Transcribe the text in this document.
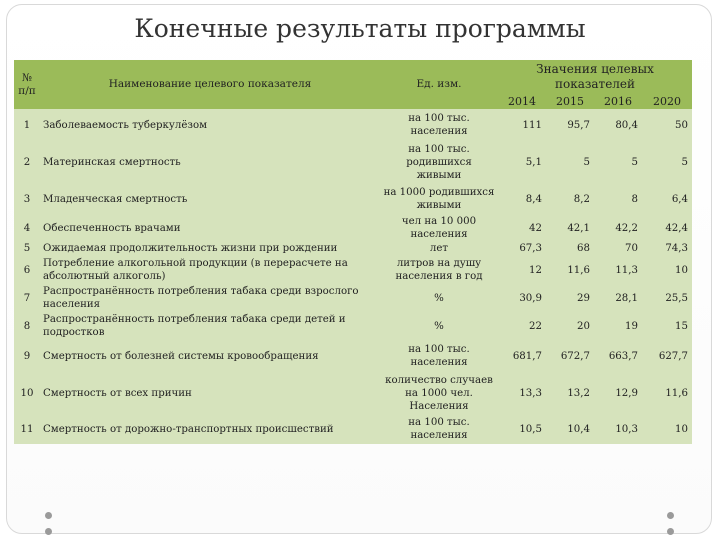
Конечные результаты программы
№ п/п	Наименование целевого показателя	Ед. изм.	Значения целевых показателей			
			2014	2015	2016	2020
1	Заболеваемость туберкулёзом	на 100 тыс. населения	111	95,7	80,4	50
2	Материнская смертность	на 100 тыс. родившихся живыми	5,1	5	5	5
3	Младенческая смертность	на 1000 родившихся живыми	8,4	8,2	8	6,4
4	Обеспеченность врачами	чел на 10 000 населения	42	42,1	42,2	42,4
5	Ожидаемая продолжительность жизни при рождении	лет	67,3	68	70	74,3
6	Потребление алкогольной продукции (в перерасчете на абсолютный алкоголь)	литров на душу населения в год	12	11,6	11,3	10
7	Распространённость потребления табака среди взрослого населения	%	30,9	29	28,1	25,5
8	Распространённость потребления табака среди детей и подростков	%	22	20	19	15
9	Смертность от болезней системы кровообращения	на 100 тыс. населения	681,7	672,7	663,7	627,7
10	Смертность от всех причин	количество случаев на 1000 чел. Населения	13,3	13,2	12,9	11,6
11	Смертность от дорожно-транспортных происшествий	на 100 тыс. населения	10,5	10,4	10,3	10
